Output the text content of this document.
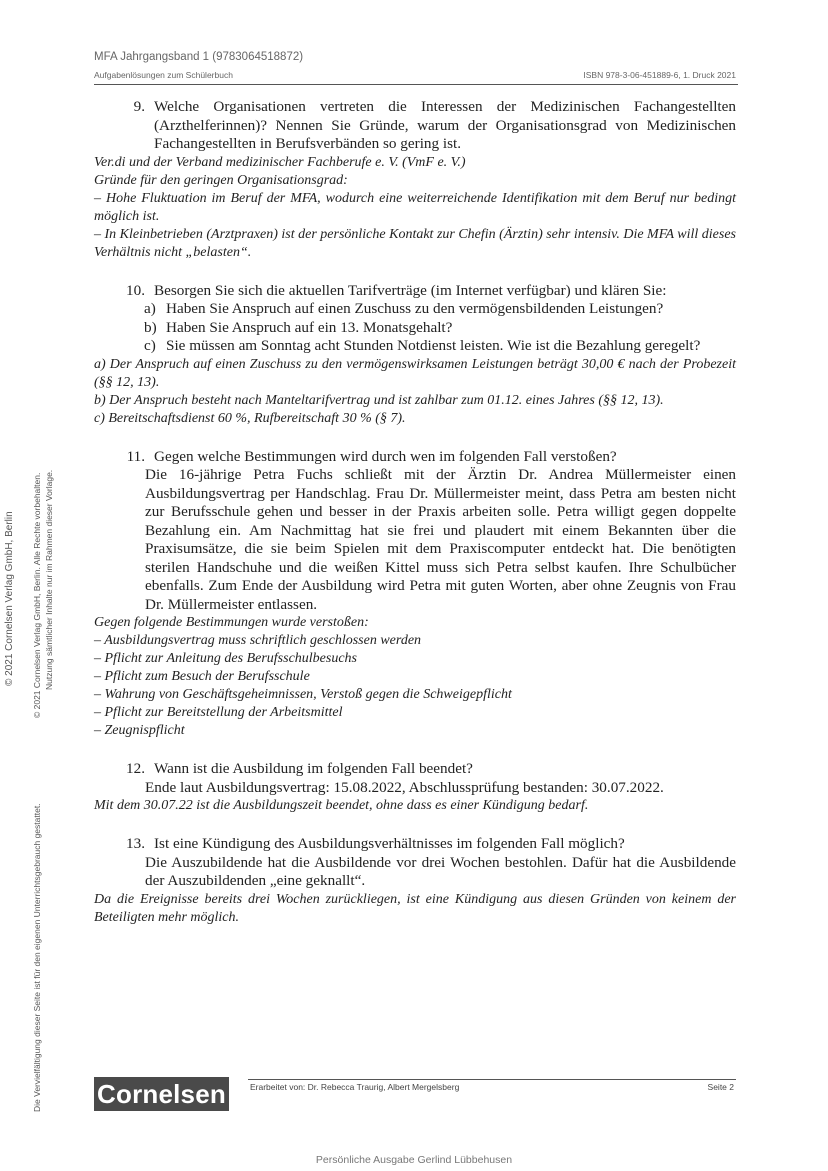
MFA Jahrgangsband 1 (9783064518872)
Aufgabenlösungen zum Schülerbuch	ISBN 978-3-06-451889-6, 1. Druck 2021
© 2021 Cornelsen Verlag GmbH, Berlin © 2021 Cornelsen Verlag GmbH, Berlin. Alle Rechte vorbehalten. Nutzung sämtlicher Inhalte nur im Rahmen dieser Vorlage.
Die Vervielfältigung dieser Seite ist für den eigenen Unterrichtsgebrauch gestattet.
9. Welche Organisationen vertreten die Interessen der Medizinischen Fachangestellten (Arzthelferinnen)? Nennen Sie Gründe, warum der Organisationsgrad von Medizinischen Fachangestellten in Berufsverbänden so gering ist.
Ver.di und der Verband medizinischer Fachberufe e. V. (VmF e. V.)
Gründe für den geringen Organisationsgrad:
– Hohe Fluktuation im Beruf der MFA, wodurch eine weiterreichende Identifikation mit dem Beruf nur bedingt möglich ist.
– In Kleinbetrieben (Arztpraxen) ist der persönliche Kontakt zur Chefin (Ärztin) sehr intensiv. Die MFA will dieses Verhältnis nicht „belasten“.
10. Besorgen Sie sich die aktuellen Tarifverträge (im Internet verfügbar) und klären Sie:
a) Haben Sie Anspruch auf einen Zuschuss zu den vermögensbildenden Leistungen?
b) Haben Sie Anspruch auf ein 13. Monatsgehalt?
c) Sie müssen am Sonntag acht Stunden Notdienst leisten. Wie ist die Bezahlung geregelt?
a) Der Anspruch auf einen Zuschuss zu den vermögenswirksamen Leistungen beträgt 30,00 € nach der Probezeit (§§ 12, 13).
b) Der Anspruch besteht nach Manteltarifvertrag und ist zahlbar zum 01.12. eines Jahres (§§ 12, 13).
c) Bereitschaftsdienst 60 %, Rufbereitschaft 30 % (§ 7).
11. Gegen welche Bestimmungen wird durch wen im folgenden Fall verstoßen?
Die 16-jährige Petra Fuchs schließt mit der Ärztin Dr. Andrea Müllermeister einen Ausbildungsvertrag per Handschlag. Frau Dr. Müllermeister meint, dass Petra am besten nicht zur Berufsschule gehen und besser in der Praxis arbeiten solle. Petra willigt gegen doppelte Bezahlung ein. Am Nachmittag hat sie frei und plaudert mit einem Bekannten über die Praxisumsätze, die sie beim Spielen mit dem Praxiscomputer entdeckt hat. Die benötigten sterilen Handschuhe und die weißen Kittel muss sich Petra selbst kaufen. Ihre Schulbücher ebenfalls. Zum Ende der Ausbildung wird Petra mit guten Worten, aber ohne Zeugnis von Frau Dr. Müllermeister entlassen.
Gegen folgende Bestimmungen wurde verstoßen:
– Ausbildungsvertrag muss schriftlich geschlossen werden
– Pflicht zur Anleitung des Berufsschulbesuchs
– Pflicht zum Besuch der Berufsschule
– Wahrung von Geschäftsgeheimnissen, Verstoß gegen die Schweigepflicht
– Pflicht zur Bereitstellung der Arbeitsmittel
– Zeugnispflicht
12. Wann ist die Ausbildung im folgenden Fall beendet?
Ende laut Ausbildungsvertrag: 15.08.2022, Abschlussprüfung bestanden: 30.07.2022.
Mit dem 30.07.22 ist die Ausbildungszeit beendet, ohne dass es einer Kündigung bedarf.
13. Ist eine Kündigung des Ausbildungsverhältnisses im folgenden Fall möglich?
Die Auszubildende hat die Ausbildende vor drei Wochen bestohlen. Dafür hat die Ausbildende der Auszubildenden „eine geknallt“.
Da die Ereignisse bereits drei Wochen zurückliegen, ist eine Kündigung aus diesen Gründen von keinem der Beteiligten mehr möglich.
Cornelsen	Erarbeitet von: Dr. Rebecca Traurig, Albert Mergelsberg	Seite 2
Persönliche Ausgabe Gerlind Lübbehusen
